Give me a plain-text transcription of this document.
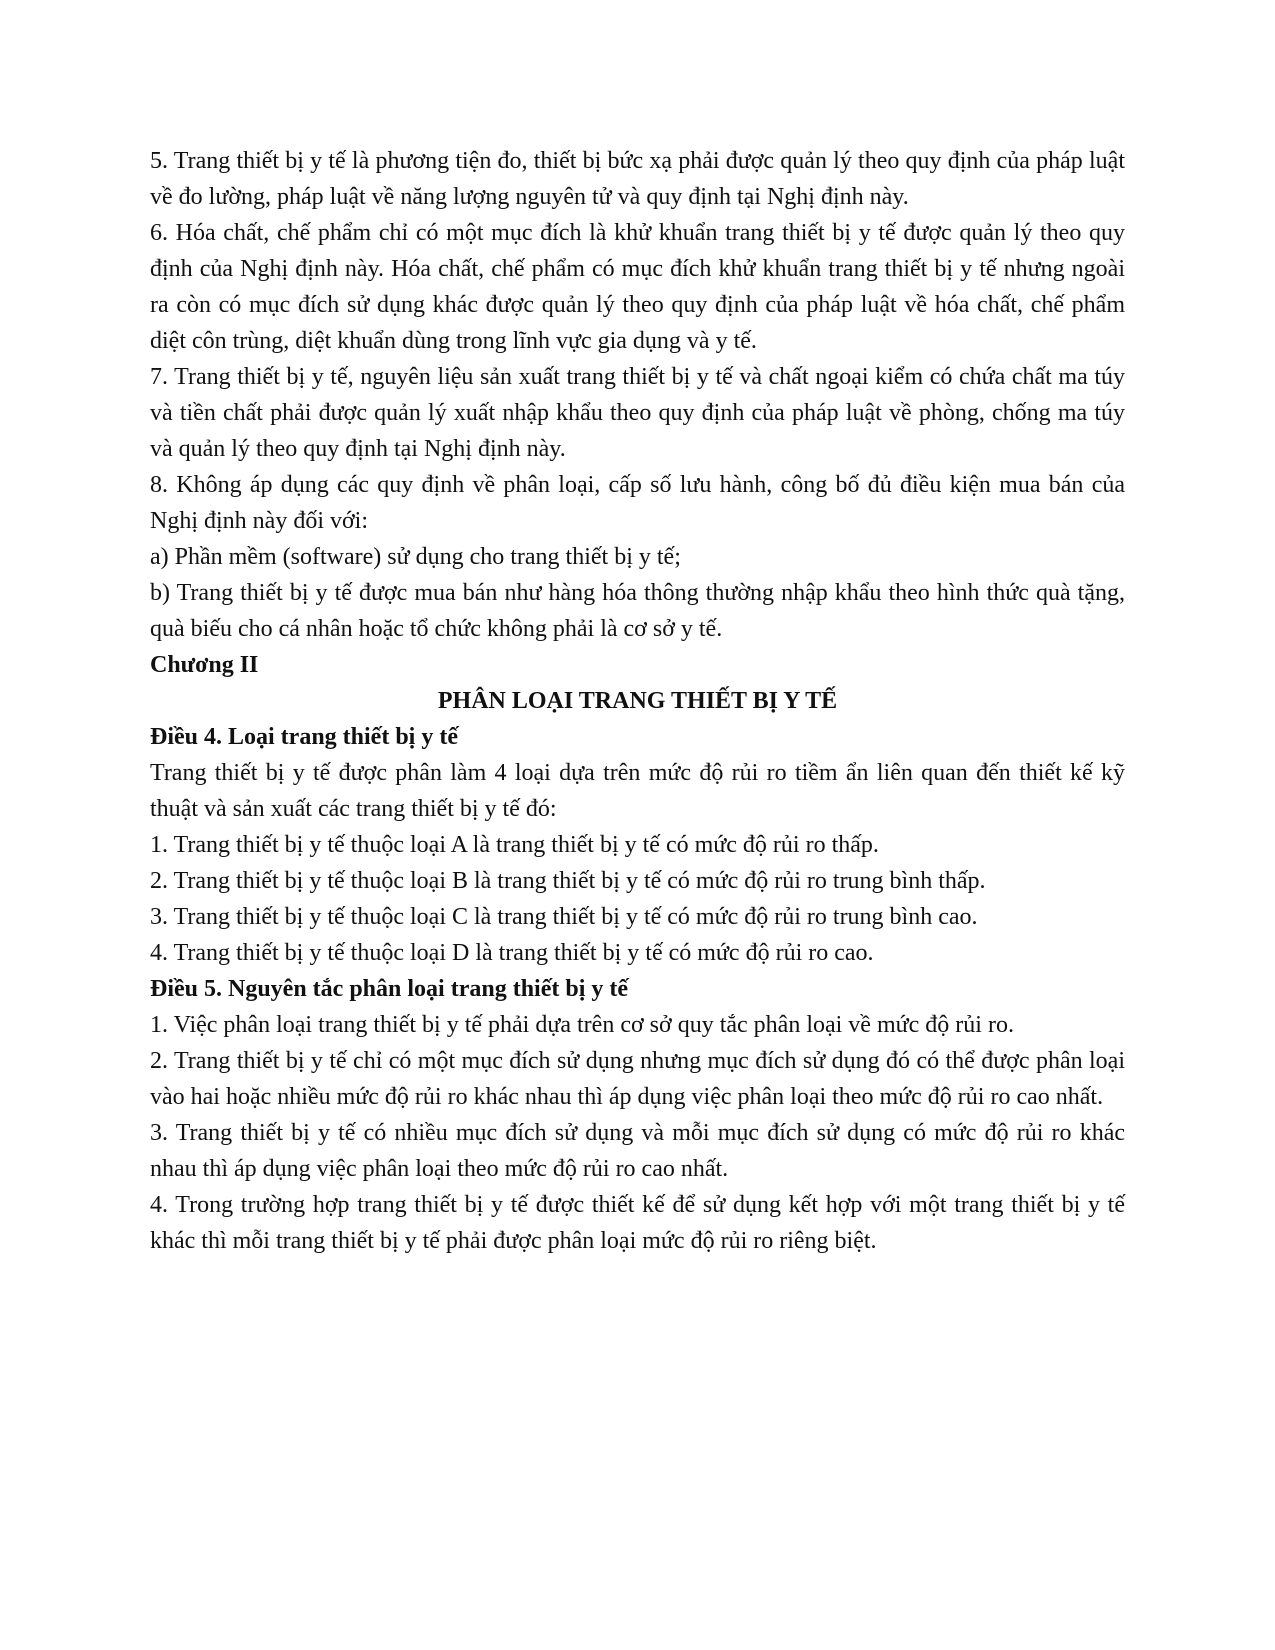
5. Trang thiết bị y tế là phương tiện đo, thiết bị bức xạ phải được quản lý theo quy định của pháp luật về đo lường, pháp luật về năng lượng nguyên tử và quy định tại Nghị định này.

6. Hóa chất, chế phẩm chỉ có một mục đích là khử khuẩn trang thiết bị y tế được quản lý theo quy định của Nghị định này. Hóa chất, chế phẩm có mục đích khử khuẩn trang thiết bị y tế nhưng ngoài ra còn có mục đích sử dụng khác được quản lý theo quy định của pháp luật về hóa chất, chế phẩm diệt côn trùng, diệt khuẩn dùng trong lĩnh vực gia dụng và y tế.

7. Trang thiết bị y tế, nguyên liệu sản xuất trang thiết bị y tế và chất ngoại kiểm có chứa chất ma túy và tiền chất phải được quản lý xuất nhập khẩu theo quy định của pháp luật về phòng, chống ma túy và quản lý theo quy định tại Nghị định này.

8. Không áp dụng các quy định về phân loại, cấp số lưu hành, công bố đủ điều kiện mua bán của Nghị định này đối với:

a) Phần mềm (software) sử dụng cho trang thiết bị y tế;

b) Trang thiết bị y tế được mua bán như hàng hóa thông thường nhập khẩu theo hình thức quà tặng, quà biếu cho cá nhân hoặc tổ chức không phải là cơ sở y tế.

Chương II

PHÂN LOẠI TRANG THIẾT BỊ Y TẾ

Điều 4. Loại trang thiết bị y tế

Trang thiết bị y tế được phân làm 4 loại dựa trên mức độ rủi ro tiềm ẩn liên quan đến thiết kế kỹ thuật và sản xuất các trang thiết bị y tế đó:

1. Trang thiết bị y tế thuộc loại A là trang thiết bị y tế có mức độ rủi ro thấp.

2. Trang thiết bị y tế thuộc loại B là trang thiết bị y tế có mức độ rủi ro trung bình thấp.

3. Trang thiết bị y tế thuộc loại C là trang thiết bị y tế có mức độ rủi ro trung bình cao.

4. Trang thiết bị y tế thuộc loại D là trang thiết bị y tế có mức độ rủi ro cao.

Điều 5. Nguyên tắc phân loại trang thiết bị y tế

1. Việc phân loại trang thiết bị y tế phải dựa trên cơ sở quy tắc phân loại về mức độ rủi ro.

2. Trang thiết bị y tế chỉ có một mục đích sử dụng nhưng mục đích sử dụng đó có thể được phân loại vào hai hoặc nhiều mức độ rủi ro khác nhau thì áp dụng việc phân loại theo mức độ rủi ro cao nhất.

3. Trang thiết bị y tế có nhiều mục đích sử dụng và mỗi mục đích sử dụng có mức độ rủi ro khác nhau thì áp dụng việc phân loại theo mức độ rủi ro cao nhất.

4. Trong trường hợp trang thiết bị y tế được thiết kế để sử dụng kết hợp với một trang thiết bị y tế khác thì mỗi trang thiết bị y tế phải được phân loại mức độ rủi ro riêng biệt.
